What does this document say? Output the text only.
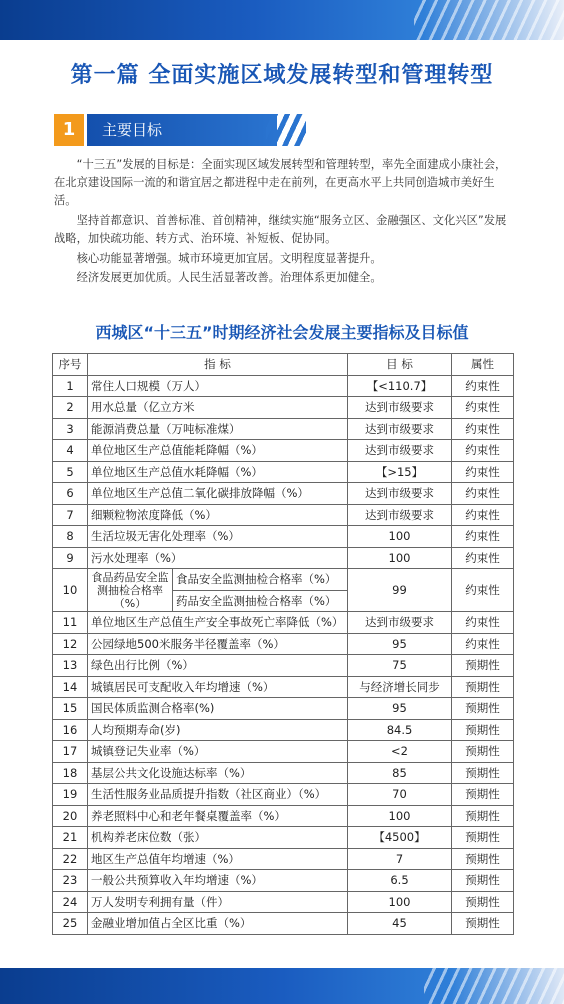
第一篇 全面实施区域发展转型和管理转型
1	主要目标

“十三五”发展的目标是：全面实现区域发展转型和管理转型，率先全面建成小康社会，在北京建设国际一流的和谐宜居之都进程中走在前列，在更高水平上共同创造城市美好生活。

坚持首都意识、首善标准、首创精神，继续实施“服务立区、金融强区、文化兴区”发展战略，加快疏功能、转方式、治环境、补短板、促协同。

核心功能显著增强。城市环境更加宜居。文明程度显著提升。

经济发展更加优质。人民生活显著改善。治理体系更加健全。

西城区“十三五”时期经济社会发展主要指标及目标值
序号	指 标		目 标	属性
1	常住人口规模（万人）		【<110.7】	约束性
2	用水总量（亿立方米		达到市级要求	约束性
3	能源消费总量（万吨标准煤）		达到市级要求	约束性
4	单位地区生产总值能耗降幅（%）		达到市级要求	约束性
5	单位地区生产总值水耗降幅（%）		【>15】	约束性
6	单位地区生产总值二氧化碳排放降幅（%）		达到市级要求	约束性
7	细颗粒物浓度降低（%）		达到市级要求	约束性
8	生活垃圾无害化处理率（%）		100	约束性
9	污水处理率（%）		100	约束性
10	食品药品安全监测抽检合格率（%）	食品安全监测抽检合格率（%）	99	约束性
		药品安全监测抽检合格率（%）		
11	单位地区生产总值生产安全事故死亡率降低（%）		达到市级要求	约束性
12	公园绿地500米服务半径覆盖率（%）		95	约束性
13	绿色出行比例（%）		75	预期性
14	城镇居民可支配收入年均增速（%）		与经济增长同步	预期性
15	国民体质监测合格率(%)		95	预期性
16	人均预期寿命(岁)		84.5	预期性
17	城镇登记失业率（%）		<2	预期性
18	基层公共文化设施达标率（%）		85	预期性
19	生活性服务业品质提升指数（社区商业）（%）		70	预期性
20	养老照料中心和老年餐桌覆盖率（%）		100	预期性
21	机构养老床位数（张）		【4500】	预期性
22	地区生产总值年均增速（%）		7	预期性
23	一般公共预算收入年均增速（%）		6.5	预期性
24	万人发明专利拥有量（件）		100	预期性
25	金融业增加值占全区比重（%）		45	预期性
